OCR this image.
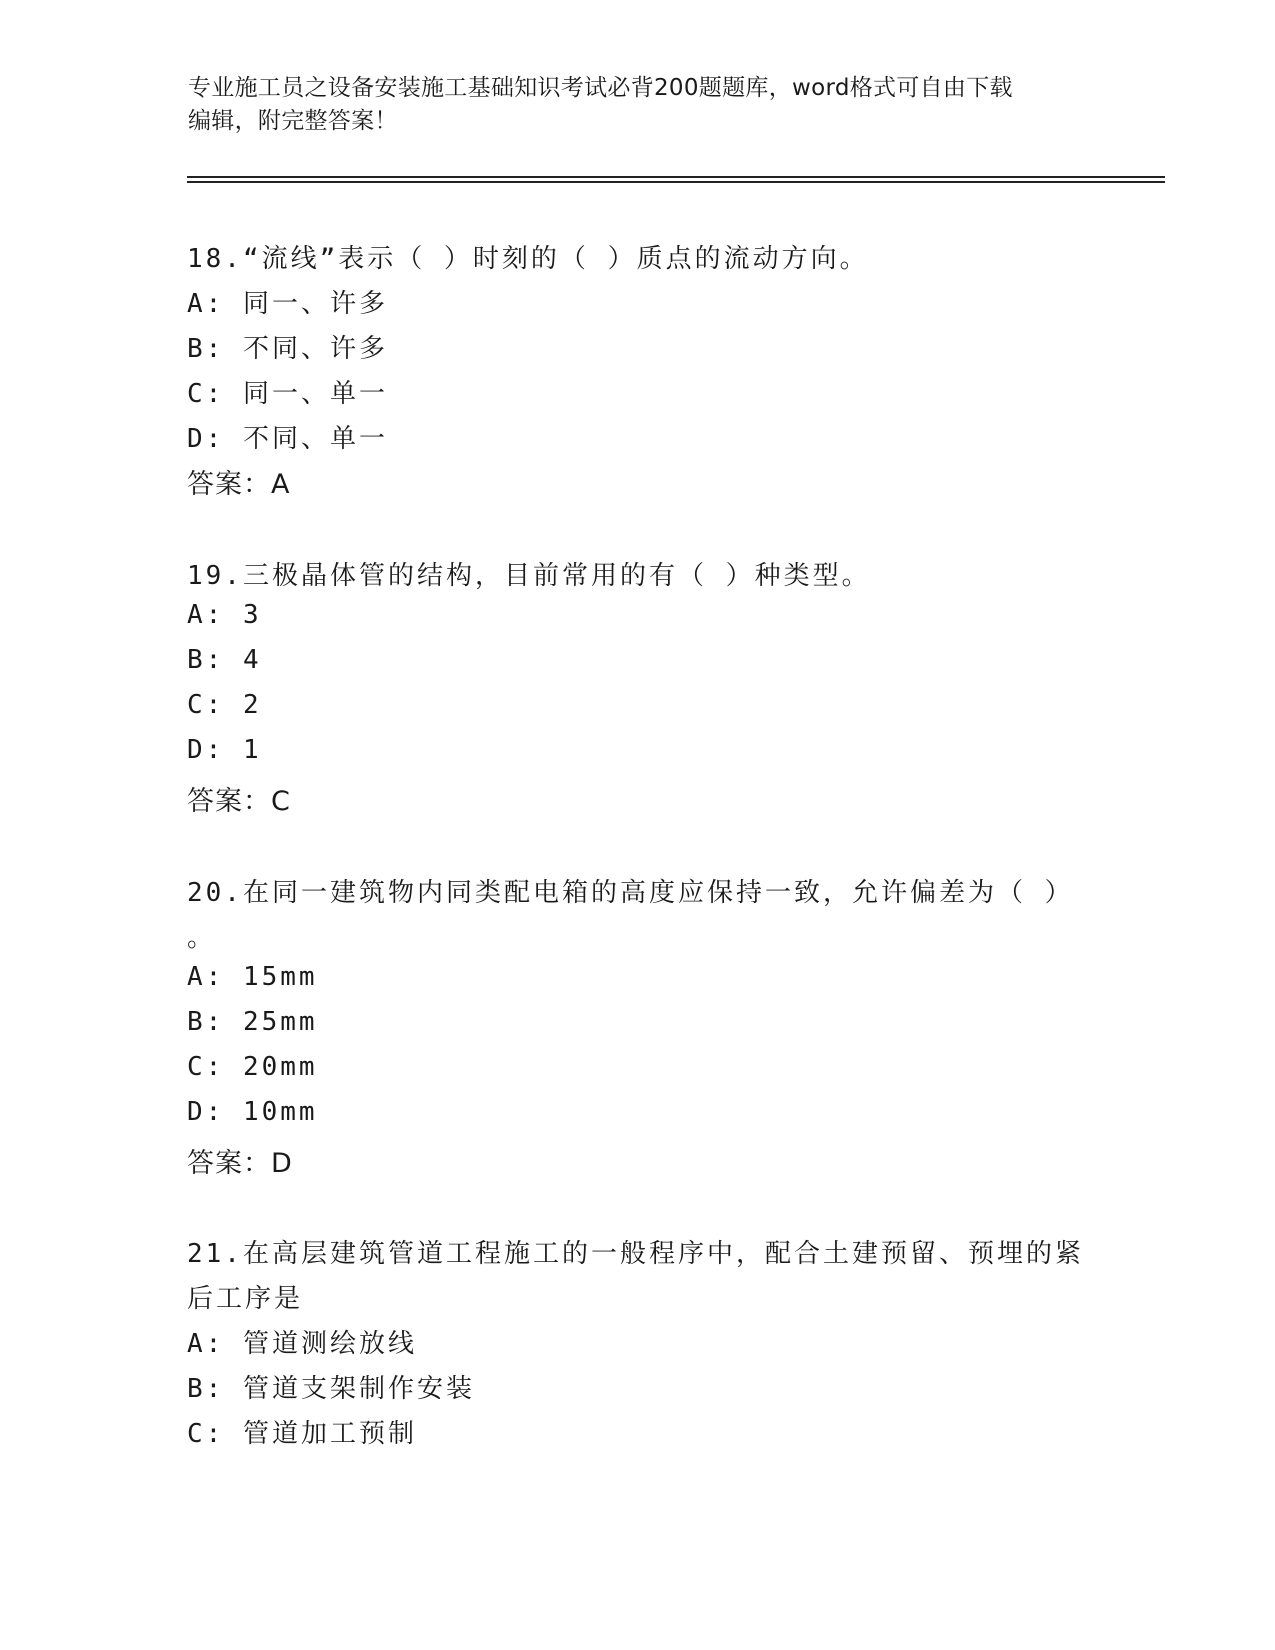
专业施工员之设备安装施工基础知识考试必背200题题库，word格式可自由下载
编辑，附完整答案！
18.“流线”表示（ ）时刻的（ ）质点的流动方向。
A: 同一、许多
B: 不同、许多
C: 同一、单一
D: 不同、单一
答案：A
19.三极晶体管的结构，目前常用的有（ ）种类型。
A: 3
B: 4
C: 2
D: 1
答案：C
20.在同一建筑物内同类配电箱的高度应保持一致，允许偏差为（ ）
。
A: 15mm
B: 25mm
C: 20mm
D: 10mm
答案：D
21.在高层建筑管道工程施工的一般程序中，配合土建预留、预埋的紧
后工序是
A: 管道测绘放线
B: 管道支架制作安装
C: 管道加工预制
